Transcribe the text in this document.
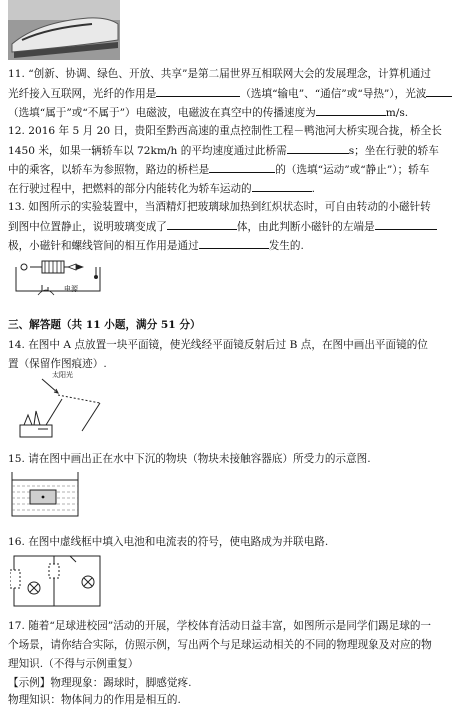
11. “创新、协调、绿色、开放、共享”是第二届世界互相联网大会的发展理念，计算机通过
光纤接入互联网，光纤的作用是	（选填“输电”、“通信”或“导热”），光波
（选填“属于”或“不属于”）电磁波，电磁波在真空中的传播速度为	m/s.
12. 2016 年 5 月 20 日，贵阳至黔西高速的重点控制性工程－鸭池河大桥实现合拢，桥全长
1450 米，如果一辆轿车以 72km/h 的平均速度通过此桥需	s；坐在行驶的轿车
中的乘客，以轿车为参照物，路边的桥栏是	的（选填“运动”或“静止”）；轿车
在行驶过程中，把燃料的部分内能转化为轿车运动的	.
13. 如图所示的实验装置中，当酒精灯把玻璃球加热到红炽状态时，可自由转动的小磁针转
到图中位置静止，说明玻璃变成了	体，由此判断小磁针的左端是
极，小磁针和螺线管间的相互作用是通过	发生的.
电源
三、解答题（共 11 小题，满分 51 分）
14. 在图中 A 点放置一块平面镜，使光线经平面镜反射后过 B 点，在图中画出平面镜的位
置（保留作图痕迹）.
太阳光
15. 请在图中画出正在水中下沉的物块（物块未接触容器底）所受力的示意图.
16. 在图中虚线框中填入电池和电流表的符号，使电路成为并联电路.
17. 随着“足球进校园”活动的开展，学校体育活动日益丰富，如图所示是同学们踢足球的一
个场景，请你结合实际，仿照示例，写出两个与足球运动相关的不同的物理现象及对应的物
理知识.（不得与示例重复）
【示例】物理现象：踢球时，脚感觉疼.
物理知识：物体间力的作用是相互的.
